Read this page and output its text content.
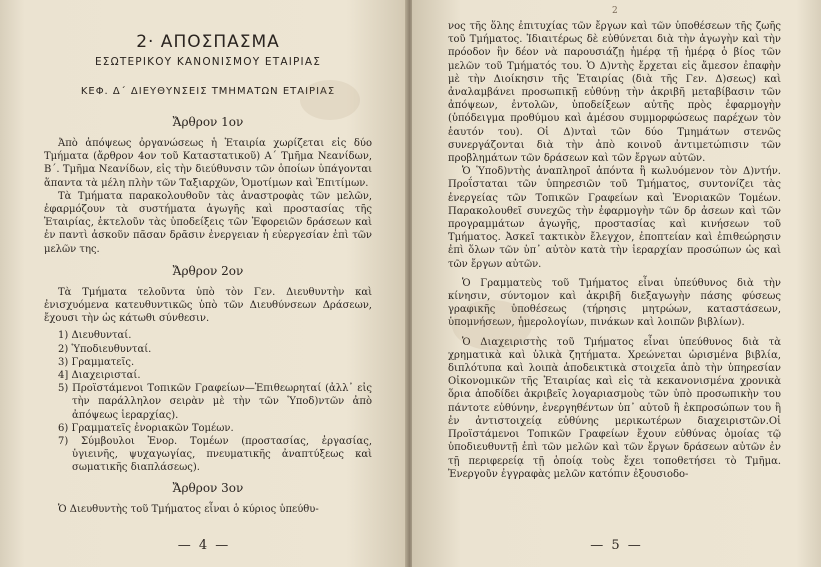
2· ΑΠΟΣΠΑΣΜΑ
ΕΣΩΤΕΡΙΚΟΥ ΚΑΝΟΝΙΣΜΟΥ ΕΤΑΙΡΙΑΣ
ΚΕΦ. Δ΄ ΔΙΕΥΘΥΝΣΕΙΣ ΤΜΗΜΑΤΩΝ ΕΤΑΙΡΙΑΣ
Ἄρθρον 1ον

Ἀπὸ ἀπόψεως ὀργανώσεως ἡ Ἑταιρία χωρίζεται εἰς δύο Τμήματα (ἄρθρον 4ον τοῦ Καταστατικοῦ) Α΄ Τμῆμα Νεανίδων, Β΄. Τμῆμα Νεανίδων, εἰς τὴν διεύθυνσιν τῶν ὁποίων ὑπάγονται ἅπαντα τὰ μέλη πλὴν τῶν Ταξιαρχῶν, Ὁμοτίμων καὶ Ἐπιτίμων.

Τὰ Τμήματα παρακολουθοῦν τὰς ἀναστροφὰς τῶν μελῶν, ἐφαρμόζουν τὰ συστήματα ἀγωγῆς καὶ προστασίας τῆς Ἑταιρίας, ἐκτελοῦν τὰς ὑποδείξεις τῶν Ἐφορειῶν δράσεων καὶ ἐν παντὶ ἀσκοῦν πᾶσαν δρᾶσιν ἐνεργειαν ἡ εὐεργεσίαν ἐπὶ τῶν μελῶν της.

Ἄρθρον 2ον

Τὰ Τμήματα τελοῦντα ὑπὸ τὸν Γεν. Διευθυντὴν καὶ ἐνισχυόμενα κατευθυντικῶς ὑπὸ τῶν Διευθύνσεων Δράσεων, ἔχουσι τὴν ὡς κάτωθι σύνθεσιν.

1) Διευθυνταί.
2) Ὑποδιευθυνταί.
3) Γραμματεῖς.
4] Διαχειρισταί.
5) Προϊστάμενοι Τοπικῶν Γραφείων—Ἐπιθεωρηταί (ἀλλ᾽ εἰς τὴν παράλληλον σειρὰν μὲ τὴν τῶν Ὑποδ)ντῶν ἀπὸ ἀπόψεως ἱεραρχίας).
6) Γραμματεῖς ἐνοριακῶν Τομέων.
7) Σύμβουλοι Ἐνορ. Τομέων (προστασίας, ἐργασίας, ὑγιεινῆς, ψυχαγωγίας, πνευματικῆς ἀναπτύξεως καὶ σωματικῆς διαπλάσεως).
Ἄρθρον 3ον

Ὁ Διευθυντὴς τοῦ Τμήματος εἶναι ὁ κύριος ὑπεύθυ-

— 4 —
2

νος τῆς ὅλης ἐπιτυχίας τῶν ἔργων καὶ τῶν ὑποθέσεων τῆς ζωῆς τοῦ Τμήματος. Ἰδιαιτέρως δὲ εὐθύνεται διὰ τὴν ἀγωγὴν καὶ τὴν πρόοδον ἣν δέον νὰ παρουσιάζῃ ἡμέρᾳ τῇ ἡμέρᾳ ὁ βίος τῶν μελῶν τοῦ Τμήματός του. Ὁ Δ)ντὴς ἔρχεται εἰς ἄμεσον ἐπαφὴν μὲ τὴν Διοίκησιν τῆς Ἑταιρίας (διὰ τῆς Γεν. Δ)σεως) καὶ ἀναλαμβάνει προσωπικῇ εὐθύνῃ τὴν ἀκριβῆ μεταβίβασιν τῶν ἀπόψεων, ἐντολῶν, ὑποδείξεων αὐτῆς πρὸς ἐφαρμογὴν (ὑπόδειγμα προθύμου καὶ ἀμέσου συμμορφώσεως παρέχων τὸν ἑαυτόν του). Οἱ Δ)νταὶ τῶν δύο Τμημάτων στενῶς συνεργάζονται διὰ τὴν ἀπὸ κοινοῦ ἀντιμετώπισιν τῶν προβλημάτων τῶν δράσεων καὶ τῶν ἔργων αὐτῶν.

Ὁ Ὑποδ)ντὴς ἀναπληροῖ ἀπόντα ἢ κωλυόμενον τὸν Δ)ντήν. Προΐσταται τῶν ὑπηρεσιῶν τοῦ Τμήματος, συντονίζει τὰς ἐνεργείας τῶν Τοπικῶν Γραφείων καὶ Ἐνοριακῶν Τομέων. Παρακολουθεῖ συνεχῶς τὴν ἐφαρμογὴν τῶν δρ ἀσεων καὶ τῶν προγραμμάτων ἀγωγῆς, προστασίας καὶ κινήσεων τοῦ Τμήματος. Ἀσκεῖ τακτικὸν ἔλεγχον, ἐποπτείαν καὶ ἐπιθεώρησιν ἐπὶ ὅλων τῶν ὑπ᾽ αὐτὸν κατὰ τὴν ἱεραρχίαν προσώπων ὡς καὶ τῶν ἔργων αὐτῶν.

Ὁ Γραμματεὺς τοῦ Τμήματος εἶναι ὑπεύθυνος διὰ τὴν κίνησιν, σύντομον καὶ ἀκριβῆ διεξαγωγὴν πάσης φύσεως γραφικῆς ὑποθέσεως (τήρησις μητρώων, καταστάσεων, ὑπομνήσεων, ἡμερολογίων, πινάκων καὶ λοιπῶν βιβλίων).

Ὁ Διαχειριστὴς τοῦ Τμήματος εἶναι ὑπεύθυνος διὰ τὰ χρηματικὰ καὶ ὑλικὰ ζητήματα. Χρεώνεται ὡρισμένα βιβλία, διπλότυπα καὶ λοιπὰ ἀποδεικτικὰ στοιχεῖα ἀπὸ τὴν ὑπηρεσίαν Οἰκονομικῶν τῆς Ἑταιρίας καὶ εἰς τὰ κεκανονισμένα χρονικὰ ὅρια ἀποδίδει ἀκριβεῖς λογαριασμοὺς τῶν ὑπὸ προσωπικὴν του πάντοτε εὐθύνην, ἐνεργηθέντων ὑπ᾽ αὐτοῦ ἢ ἐκπροσώπων του ἢ ἐν ἀντιστοιχείᾳ εὐθύνης μερικωτέρων διαχειριστῶν.Οἱ Προϊστάμενοι Τοπικῶν Γραφείων ἔχουν εὐθύνας ὁμοίας τῷ ὑποδιευθυντῇ ἐπὶ τῶν μελῶν καὶ τῶν ἔργων δράσεων αὐτῶν ἐν τῇ περιφερείᾳ τῇ ὁποίᾳ τοὺς ἔχει τοποθετήσει τὸ Τμῆμα. Ἐνεργοῦν ἐγγραφὰς μελῶν κατόπιν ἐξουσιοδο-

— 5 —
